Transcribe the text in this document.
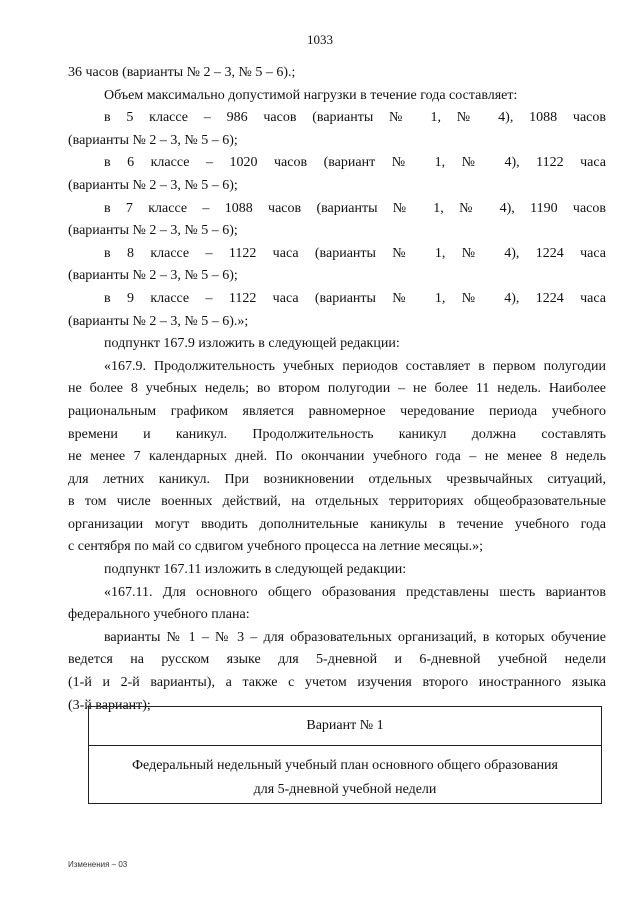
1033
36 часов (варианты № 2 – 3, № 5 – 6).;
Объем максимально допустимой нагрузки в течение года составляет:
в 5 классе – 986 часов (варианты № 1, № 4), 1088 часов
(варианты № 2 – 3, № 5 – 6);
в 6 классе – 1020 часов (вариант № 1, № 4), 1122 часа
(варианты № 2 – 3, № 5 – 6);
в 7 классе – 1088 часов (варианты № 1, № 4), 1190 часов
(варианты № 2 – 3, № 5 – 6);
в 8 классе – 1122 часа (варианты № 1, № 4), 1224 часа
(варианты № 2 – 3, № 5 – 6);
в 9 классе – 1122 часа (варианты № 1, № 4), 1224 часа
(варианты № 2 – 3, № 5 – 6).»;
подпункт 167.9 изложить в следующей редакции:
«167.9. Продолжительность учебных периодов составляет в первом полугодии
не более 8 учебных недель; во втором полугодии – не более 11 недель. Наиболее
рациональным графиком является равномерное чередование периода учебного
времени и каникул. Продолжительность каникул должна составлять
не менее 7 календарных дней. По окончании учебного года – не менее 8 недель
для летних каникул. При возникновении отдельных чрезвычайных ситуаций,
в том числе военных действий, на отдельных территориях общеобразовательные
организации могут вводить дополнительные каникулы в течение учебного года
с сентября по май со сдвигом учебного процесса на летние месяцы.»;
подпункт 167.11 изложить в следующей редакции:
«167.11. Для основного общего образования представлены шесть вариантов
федерального учебного плана:
варианты № 1 – № 3 – для образовательных организаций, в которых обучение
ведется на русском языке для 5-дневной и 6-дневной учебной недели
(1-й и 2-й варианты), а также с учетом изучения второго иностранного языка
(3-й вариант);
Вариант № 1
Федеральный недельный учебный план основного общего образования
для 5-дневной учебной недели
Изменения – 03
